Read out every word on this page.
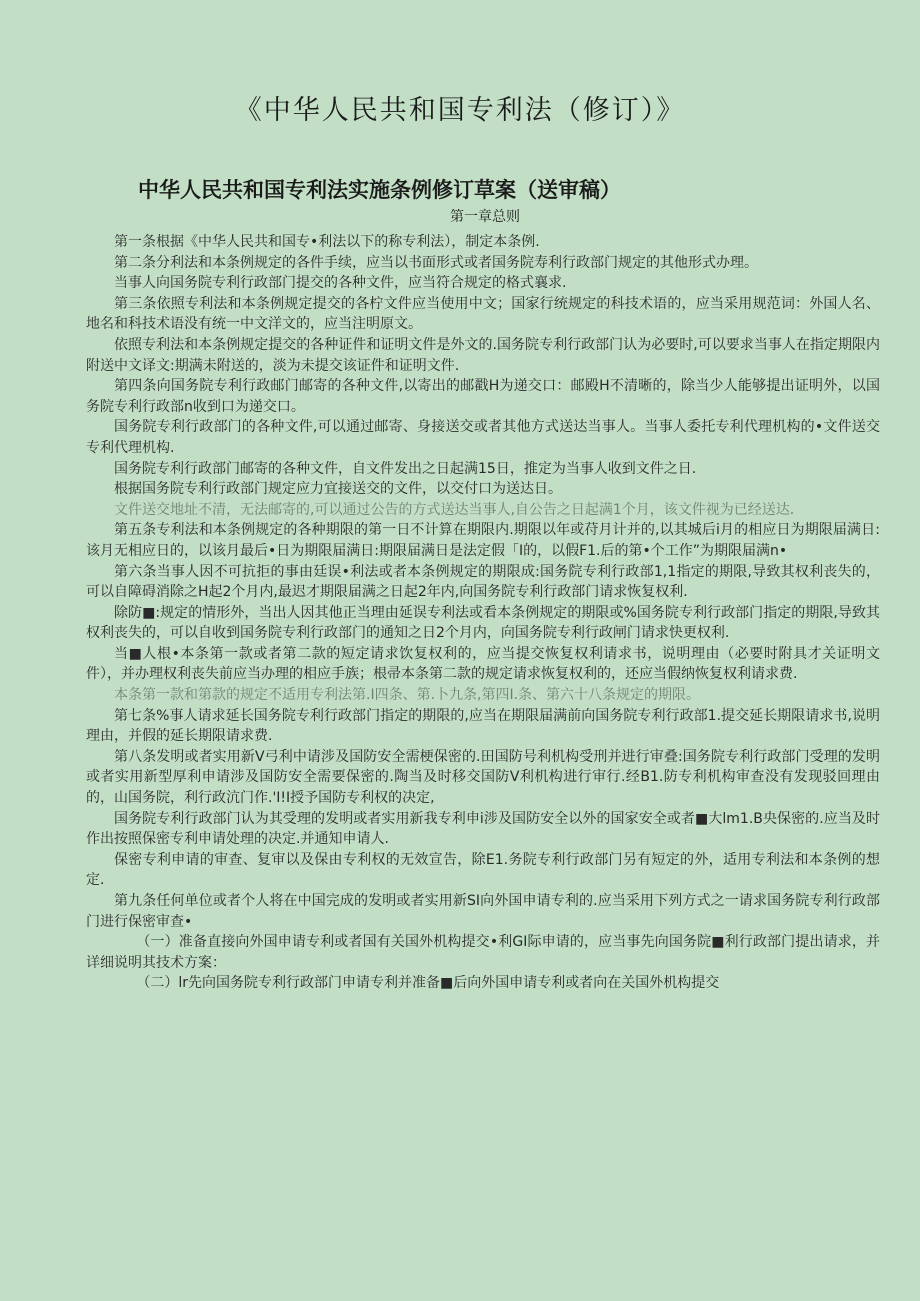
《中华人民共和国专利法（修订）》
中华人民共和国专利法实施条例修订草案（送审稿）

第一章总则

第一条根据《中华人民共和国专•利法以下的称专利法），制定本条例.

第二条分利法和本条例规定的各件手续，应当以书面形式或者国务院寿利行政部门规定的其他形式办理。

当事人向国务院专利行政部门提交的各种文件，应当符合规定的格式襄求.

第三条依照专利法和本条例规定提交的各柠文件应当使用中文；国家行统规定的科技术语的，应当采用规范词：外国人名、地名和科技术语没有统一中文洋文的，应当注明原文。

依照专利法和本条例规定提交的各种证件和证明文件是外文的.国务院专利行政部门认为必要时,可以要求当事人在指定期限内附送中文译文:期满未附送的，淡为未提交该证件和证明文件.

第四条向国务院专利行政邮门邮寄的各种文件,以寄出的邮戳H为递交口：邮殿H不清晰的，除当少人能够提出证明外，以国务院专利行政部n收到口为递交口。

国务院专利行政部门的各种文件,可以通过邮寄、身接送交或者其他方式送达当事人。当事人委托专利代理机构的•文件送交专利代理机构.

国务院专利行政部门邮寄的各种文件，自文件发出之日起满15日，推定为当事人收到文件之日.

根据国务院专利行政部门规定应力宜接送交的文件，以交付口为送达日。

文件送交地址不清，无法邮寄的,可以通过公告的方式送达当事人,自公告之日起满1个月，该文件视为已经送达.

第五条专利法和本条例规定的各种期限的第一日不计算在期限内.期限以年或苻月计并的,以其城后i月的相应日为期限届满日:该月无相应日的，以该月最后•日为期限届满日:期限届满日是法定假「I的，以假F1.后的第•个工作”为期限届满n•

第六条当事人因不可抗拒的事由廷误•利法或者本条例规定的期限成:国务院专利行政部1,1指定的期限,导致其权利丧失的，可以自障碍消除之H起2个月内,最迟才期限届满之日起2年内,向国务院专利行政部门请求恢复权利.

除防■:规定的情形外，当出人因其他正当理由延误专利法或看本条例规定的期限或%国务院专利行政部门指定的期限,导致其权利丧失的，可以自收到国务院专利行政部门的通知之日2个月内，向国务院专利行政闸门请求快更权利.

当■人根•本条第一款或者第二款的短定请求饮复权利的，应当提交恢复权利请求书，说明理由（必要时附具才关证明文件），并办理权利丧失前应当办理的相应手族；根帚本条第二款的规定请求恢复权利的，还应当假纳恢复权利请求费.

本条第一款和第款的规定不适用专利法第.I四条、第.卜九条,第四I.条、第六十八条规定的期限。

第七条%事人请求延长国务院专利行政部门指定的期限的,应当在期限届满前向国务院专利行政部1.提交延长期限请求书,说明理由，并假的延长期限请求费.

第八条发明或者实用新V弓利中请涉及国防安全需梗保密的.田国防号利机构受刑并进行审叠:国务院专利行政部门受理的发明或者实用新型厚利申请涉及国防安全需要保密的.陶当及时移交国防V利机构进行审行.经B1.防专利机构审查没有发现驳回理由的，山国务院，利行政沆门作.'I!I授予国防专利权的决定,

国务院专利行政部门认为其受理的发明或者实用新我专利申i涉及国防安全以外的国家安全或者■大lm1.B央保密的.应当及时作出按照保密专利申请处理的决定.并通知申请人.

保密专利申请的审查、复审以及保由专利权的无效宣告，除E1.务院专利行政部门另有短定的外，适用专利法和本条例的想定.

第九条任何单位或者个人将在中国完成的发明或者实用新SI向外国申请专利的.应当采用下列方式之一请求国务院专利行政部门进行保密审查•

（一）准备直接向外国申请专利或者国有关国外机构提交•利GI际申请的，应当事先向国务院■利行政部门提出请求，并详细说明其技术方案：

（二）lr先向国务院专利行政部门申请专利并准备■后向外国申请专利或者向在关国外机构提交
